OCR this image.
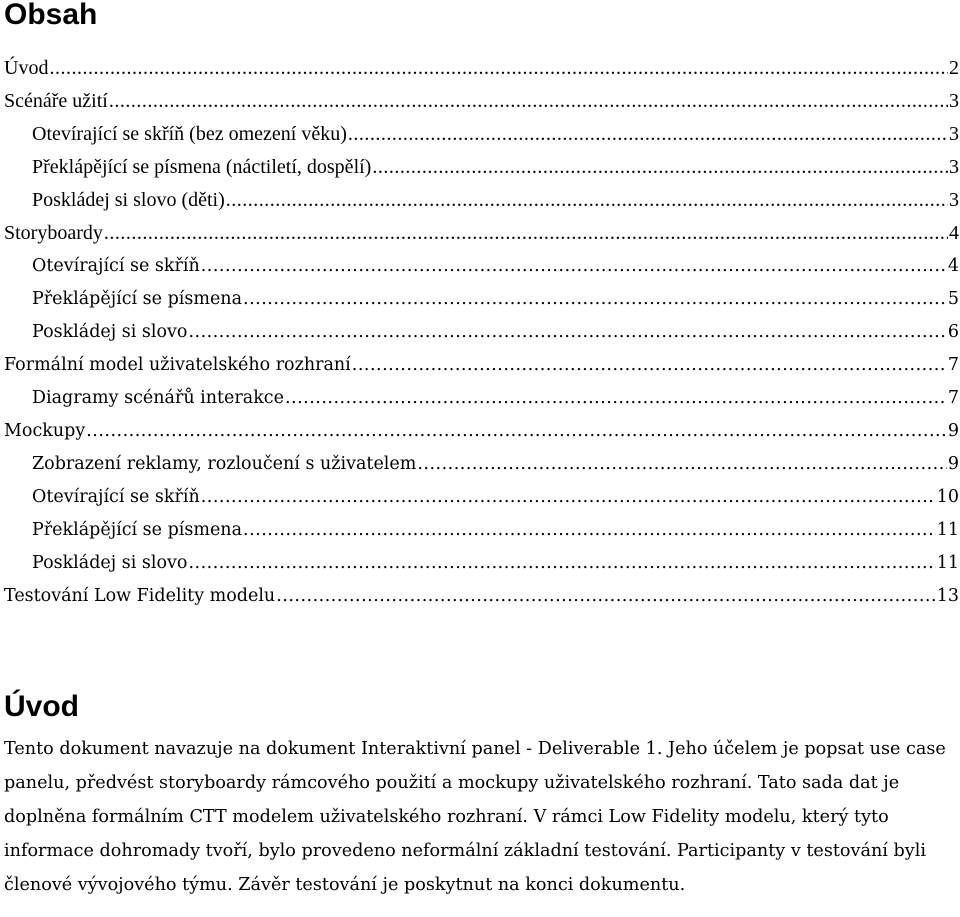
Obsah
Úvod .....	2
Scénáře užití .....	3
Otevírající se skříň (bez omezení věku) .....	3
Překlápějící se písmena (náctiletí, dospělí) .....	3
Poskládej si slovo (děti) .....	3
Storyboardy .....	4
Otevírající se skříň .....	4
Překlápějící se písmena .....	5
Poskládej si slovo .....	6
Formální model uživatelského rozhraní .....	7
Diagramy scénářů interakce .....	7
Mockupy .....	9
Zobrazení reklamy, rozloučení s uživatelem .....	9
Otevírající se skříň .....	10
Překlápějící se písmena .....	11
Poskládej si slovo .....	11
Testování Low Fidelity modelu .....	13
Úvod

Tento dokument navazuje na dokument Interaktivní panel - Deliverable 1. Jeho účelem je popsat use case panelu, předvést storyboardy rámcového použití a mockupy uživatelského rozhraní. Tato sada dat je doplněna formálním CTT modelem uživatelského rozhraní. V rámci Low Fidelity modelu, který tyto informace dohromady tvoří, bylo provedeno neformální základní testování. Participanty v testování byli členové vývojového týmu. Závěr testování je poskytnut na konci dokumentu.
